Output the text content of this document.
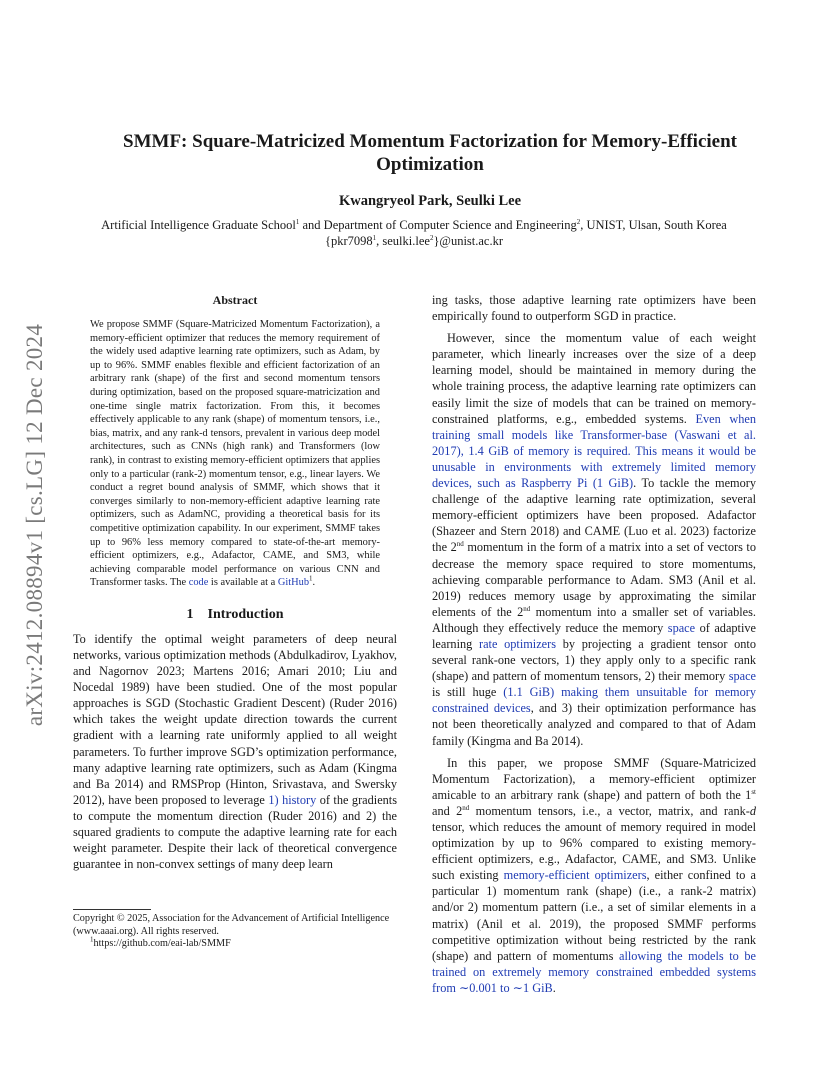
arXiv:2412.08894v1 [cs.LG] 12 Dec 2024
SMMF: Square-Matricized Momentum Factorization for Memory-Efficient Optimization
Kwangryeol Park, Seulki Lee
Artificial Intelligence Graduate School$^1$ and Department of Computer Science and Engineering$^2$, UNIST, Ulsan, South Korea
{pkr7098$^1$, seulki.lee$^2$}@unist.ac.kr
Abstract

We propose SMMF (Square-Matricized Momentum Factorization), a memory-efficient optimizer that reduces the memory requirement of the widely used adaptive learning rate optimizers, such as Adam, by up to 96%. SMMF enables flexible and efficient factorization of an arbitrary rank (shape) of the first and second momentum tensors during optimization, based on the proposed square-matricization and one-time single matrix factorization. From this, it becomes effectively applicable to any rank (shape) of momentum tensors, i.e., bias, matrix, and any rank-d tensors, prevalent in various deep model architectures, such as CNNs (high rank) and Transformers (low rank), in contrast to existing memory-efficient optimizers that applies only to a particular (rank-2) momentum tensor, e.g., linear layers. We conduct a regret bound analysis of SMMF, which shows that it converges similarly to non-memory-efficient adaptive learning rate optimizers, such as AdamNC, providing a theoretical basis for its competitive optimization capability. In our experiment, SMMF takes up to 96% less memory compared to state-of-the-art memory-efficient optimizers, e.g., Adafactor, CAME, and SM3, while achieving comparable model performance on various CNN and Transformer tasks. The code is available at a GitHub$^1$.

1 Introduction

To identify the optimal weight parameters of deep neural networks, various optimization methods (Abdulkadirov, Lyakhov, and Nagornov 2023; Martens 2016; Amari 2010; Liu and Nocedal 1989) have been studied. One of the most popular approaches is SGD (Stochastic Gradient Descent) (Ruder 2016) which takes the weight update direction towards the current gradient with a learning rate uniformly applied to all weight parameters. To further improve SGD’s optimization performance, many adaptive learning rate optimizers, such as Adam (Kingma and Ba 2014) and RMSProp (Hinton, Srivastava, and Swersky 2012), have been proposed to leverage 1) history of the gradients to compute the momentum direction (Ruder 2016) and 2) the squared gradients to compute the adaptive learning rate for each weight parameter. Despite their lack of theoretical convergence guarantee in non-convex settings of many deep learn

ing tasks, those adaptive learning rate optimizers have been empirically found to outperform SGD in practice.

However, since the momentum value of each weight parameter, which linearly increases over the size of a deep learning model, should be maintained in memory during the whole training process, the adaptive learning rate optimizers can easily limit the size of models that can be trained on memory-constrained platforms, e.g., embedded systems. Even when training small models like Transformer-base (Vaswani et al. 2017), 1.4 GiB of memory is required. This means it would be unusable in environments with extremely limited memory devices, such as Raspberry Pi (1 GiB). To tackle the memory challenge of the adaptive learning rate optimization, several memory-efficient optimizers have been proposed. Adafactor (Shazeer and Stern 2018) and CAME (Luo et al. 2023) factorize the 2nd momentum in the form of a matrix into a set of vectors to decrease the memory space required to store momentums, achieving comparable performance to Adam. SM3 (Anil et al. 2019) reduces memory usage by approximating the similar elements of the 2nd momentum into a smaller set of variables. Although they effectively reduce the memory space of adaptive learning rate optimizers by projecting a gradient tensor onto several rank-one vectors, 1) they apply only to a specific rank (shape) and pattern of momentum tensors, 2) their memory space is still huge (1.1 GiB) making them unsuitable for memory constrained devices, and 3) their optimization performance has not been theoretically analyzed and compared to that of Adam family (Kingma and Ba 2014).

In this paper, we propose SMMF (Square-Matricized Momentum Factorization), a memory-efficient optimizer amicable to an arbitrary rank (shape) and pattern of both the 1st and 2nd momentum tensors, i.e., a vector, matrix, and rank-d tensor, which reduces the amount of memory required in model optimization by up to 96% compared to existing memory-efficient optimizers, e.g., Adafactor, CAME, and SM3. Unlike such existing memory-efficient optimizers, either confined to a particular 1) momentum rank (shape) (i.e., a rank-2 matrix) and/or 2) momentum pattern (i.e., a set of similar elements in a matrix) (Anil et al. 2019), the proposed SMMF performs competitive optimization without being restricted by the rank (shape) and pattern of momentums allowing the models to be trained on extremely memory constrained embedded systems from ∼0.001 to ∼1 GiB.

Copyright © 2025, Association for the Advancement of Artificial Intelligence (www.aaai.org). All rights reserved.
$^1$https://github.com/eai-lab/SMMF
